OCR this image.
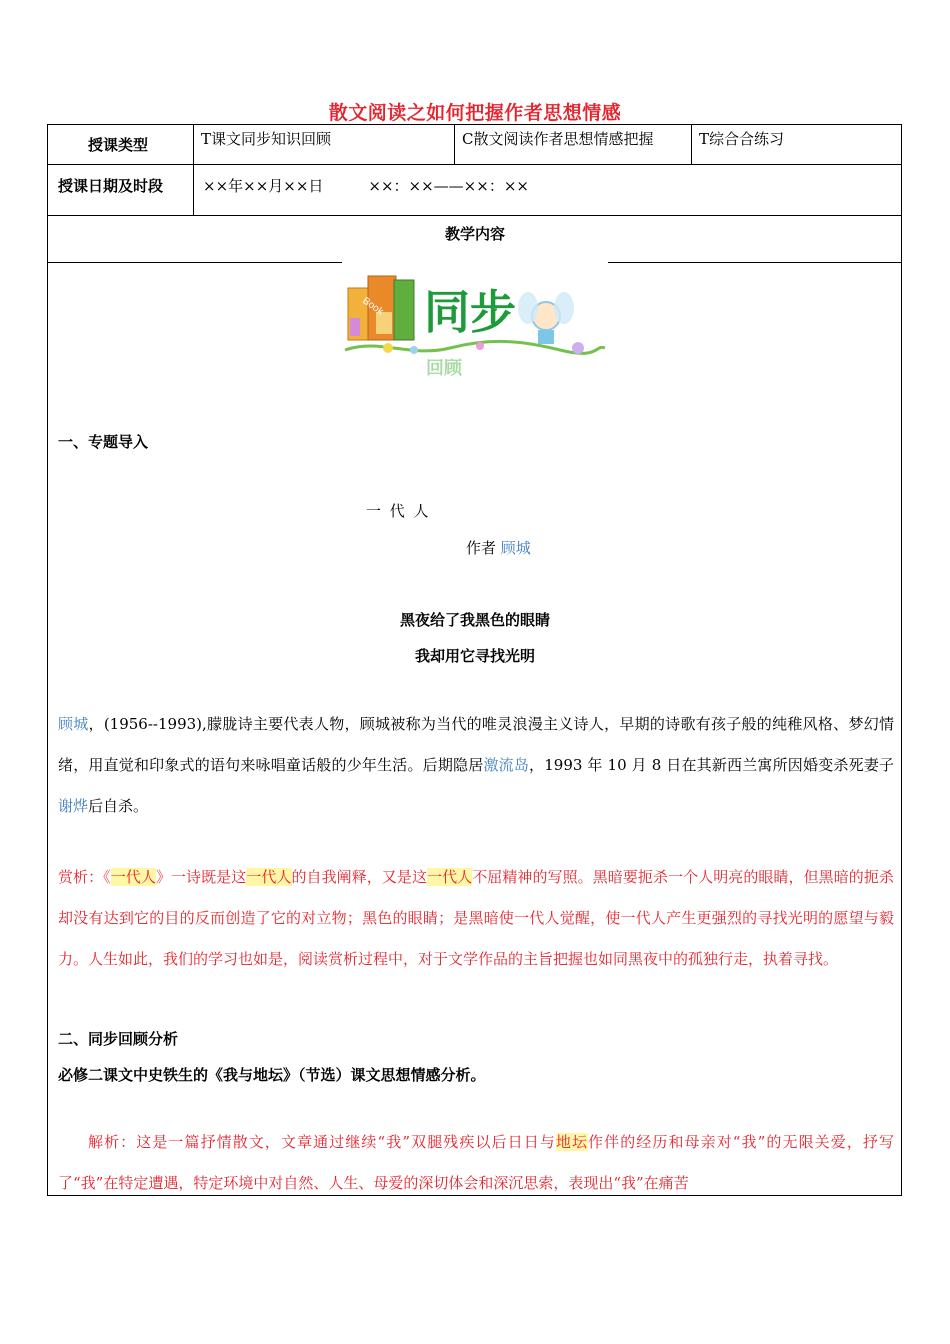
散文阅读之如何把握作者思想情感
授课类型	T课文同步知识回顾	C散文阅读作者思想情感把握	T综合合练习
授课日期及时段	××年××月××日　　　××：××——××：××
教学内容
Book 同步
回顾
一、专题导入
一 代 人
作者 顾城
黑夜给了我黑色的眼睛
我却用它寻找光明
顾城，(1956--1993),朦胧诗主要代表人物，顾城被称为当代的唯灵浪漫主义诗人，早期的诗歌有孩子般的纯稚风格、梦幻情绪，用直觉和印象式的语句来咏唱童话般的少年生活。后期隐居激流岛，1993 年 10 月 8 日在其新西兰寓所因婚变杀死妻子谢烨后自杀。
赏析：《一代人》一诗既是这一代人的自我阐释，又是这一代人不屈精神的写照。黑暗要扼杀一个人明亮的眼睛，但黑暗的扼杀却没有达到它的目的反而创造了它的对立物；黑色的眼睛；是黑暗使一代人觉醒，使一代人产生更强烈的寻找光明的愿望与毅力。人生如此，我们的学习也如是，阅读赏析过程中，对于文学作品的主旨把握也如同黑夜中的孤独行走，执着寻找。
二、同步回顾分析
必修二课文中史铁生的《我与地坛》（节选）课文思想情感分析。
解析：这是一篇抒情散文，文章通过继续“我”双腿残疾以后日日与地坛作伴的经历和母亲对“我”的无限关爱，抒写了“我”在特定遭遇，特定环境中对自然、人生、母爱的深切体会和深沉思索，表现出“我”在痛苦
